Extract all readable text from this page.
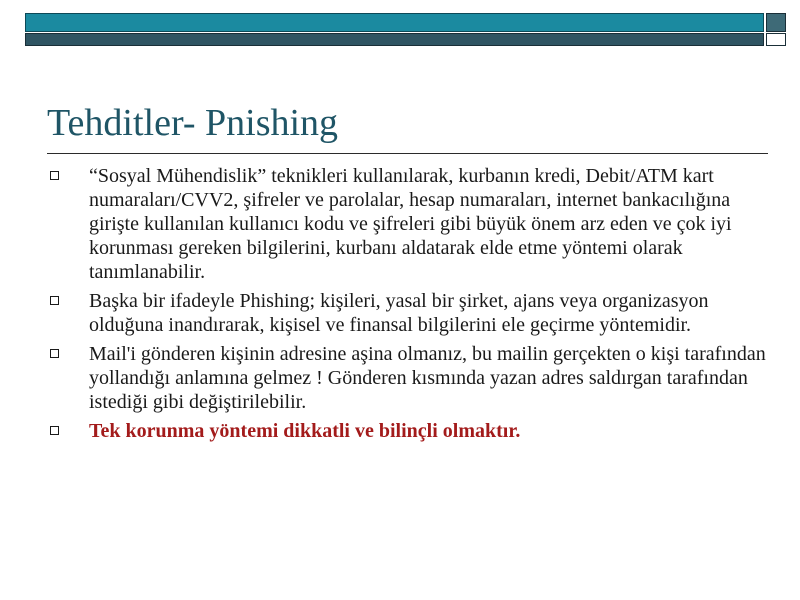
Tehditler- Pnishing
“Sosyal Mühendislik” teknikleri kullanılarak, kurbanın kredi, Debit/ATM kart numaraları/CVV2, şifreler ve parolalar, hesap numaraları, internet bankacılığına girişte kullanılan kullanıcı kodu ve şifreleri gibi büyük önem arz eden ve çok iyi korunması gereken bilgilerini, kurbanı aldatarak elde etme yöntemi olarak tanımlanabilir.
Başka bir ifadeyle Phishing; kişileri, yasal bir şirket, ajans veya organizasyon olduğuna inandırarak, kişisel ve finansal bilgilerini ele geçirme yöntemidir.
Mail'i gönderen kişinin adresine aşina olmanız, bu mailin gerçekten o kişi tarafından yollandığı anlamına gelmez ! Gönderen kısmında yazan adres saldırgan tarafından istediği gibi değiştirilebilir.
Tek korunma yöntemi dikkatli ve bilinçli olmaktır.
